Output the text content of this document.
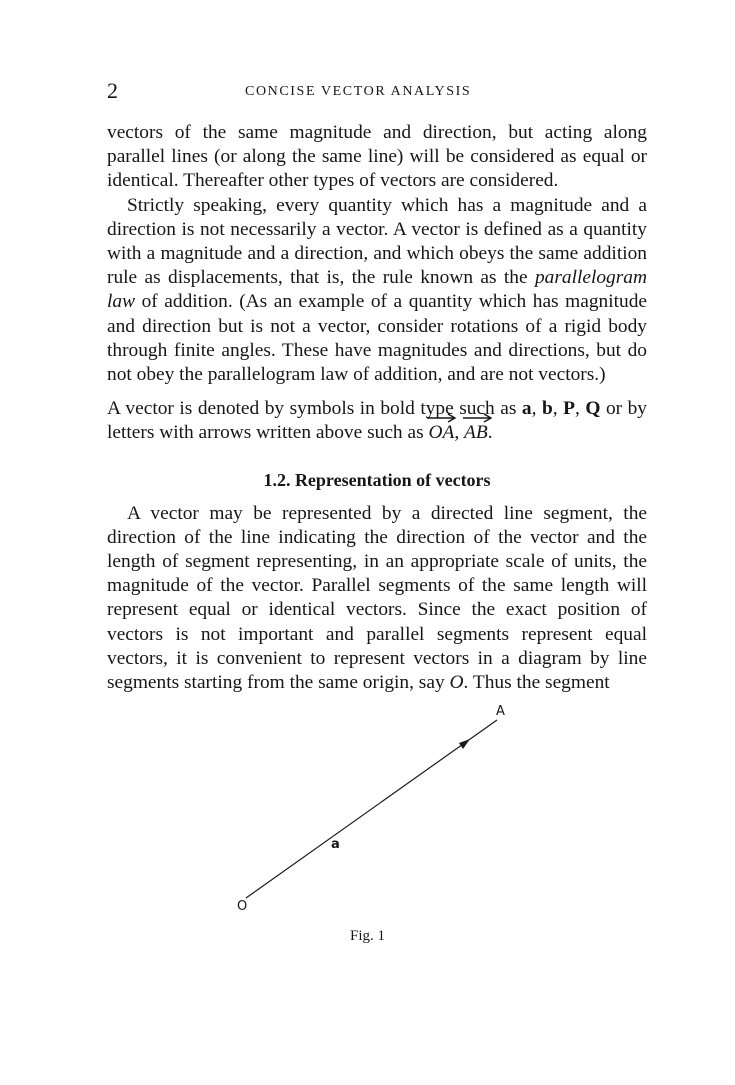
2	CONCISE VECTOR ANALYSIS

vectors of the same magnitude and direction, but acting along parallel lines (or along the same line) will be considered as equal or identical. Thereafter other types of vectors are considered.

Strictly speaking, every quantity which has a magnitude and a direction is not necessarily a vector. A vector is defined as a quantity with a magnitude and a direction, and which obeys the same addition rule as displacements, that is, the rule known as the parallelogram law of addition. (As an example of a quantity which has magnitude and direction but is not a vector, consider rotations of a rigid body through finite angles. These have magnitudes and directions, but do not obey the parallelogram law of addition, and are not vectors.)

A vector is denoted by symbols in bold type such as a, b, P, Q or by letters with arrows written above such as
OA,
AB.

1.2. Representation of vectors

A vector may be represented by a directed line segment, the direction of the line indicating the direction of the vector and the length of segment representing, in an appropriate scale of units, the magnitude of the vector. Parallel segments of the same length will represent equal or identical vectors. Since the exact position of vectors is not important and parallel segments represent equal vectors, it is convenient to represent vectors in a diagram by line segments starting from the same origin, say O. Thus the segment

A
a
O
Fig. 1
